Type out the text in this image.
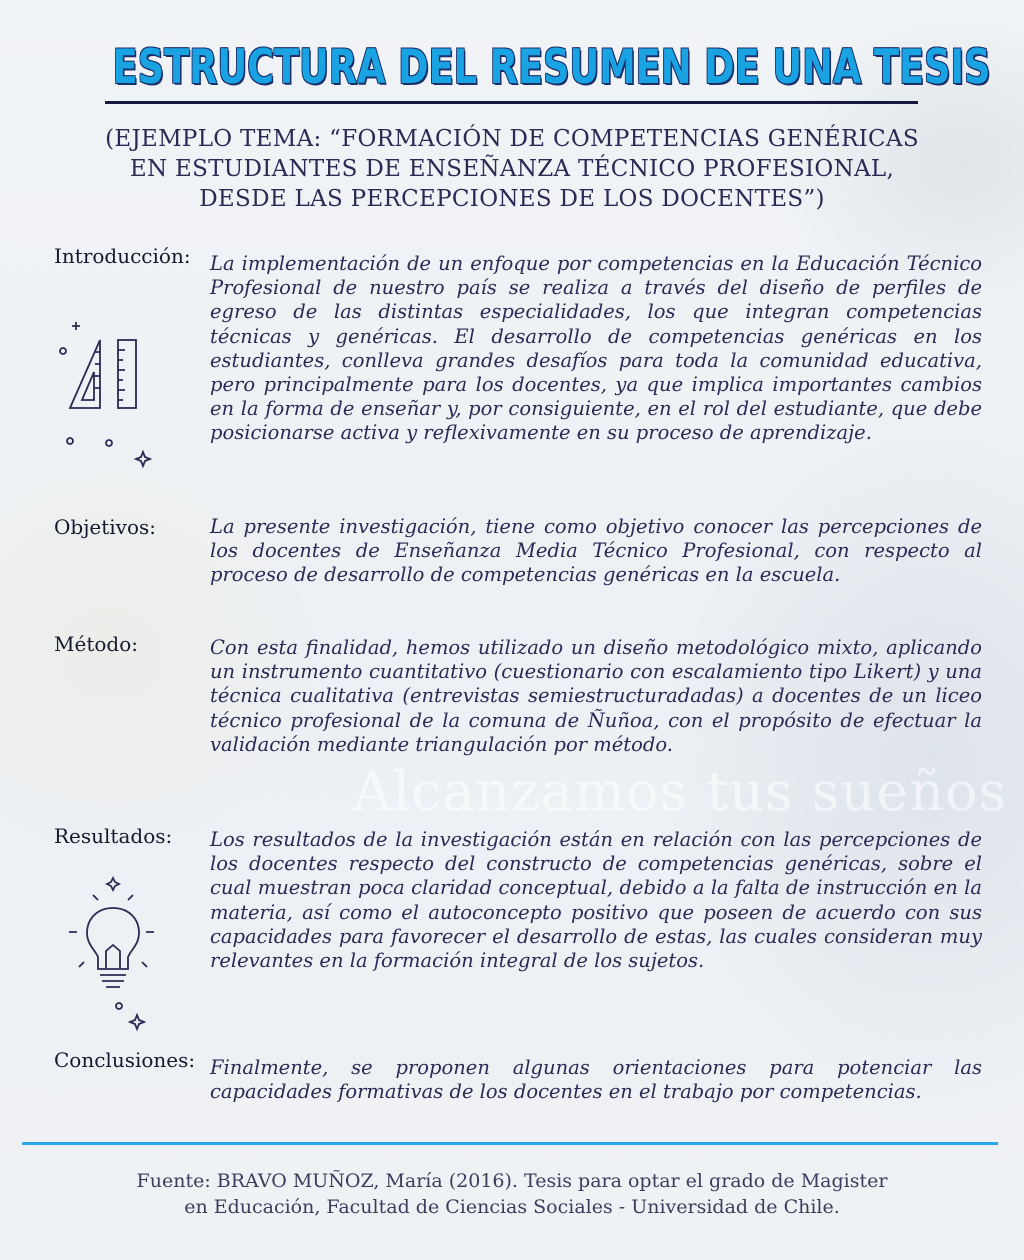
Alcanzamos tus sueños
ESTRUCTURA DEL RESUMEN DE UNA TESIS
(EJEMPLO TEMA: “FORMACIÓN DE COMPETENCIAS GENÉRICAS
EN ESTUDIANTES DE ENSEÑANZA TÉCNICO PROFESIONAL,
DESDE LAS PERCEPCIONES DE LOS DOCENTES”)
Introducción: La implementación de un enfoque por competencias en la Educación Técnico Profesional de nuestro país se realiza a través del diseño de perfiles de egreso de las distintas especialidades, los que integran competencias técnicas y genéricas. El desarrollo de competencias genéricas en los estudiantes, conlleva grandes desafíos para toda la comunidad educativa, pero principalmente para los docentes, ya que implica importantes cambios en la forma de enseñar y, por consiguiente, en el rol del estudiante, que debe posicionarse activa y reflexivamente en su proceso de aprendizaje.
Objetivos:	La presente investigación, tiene como objetivo conocer las percepciones de los docentes de Enseñanza Media Técnico Profesional, con respecto al proceso de desarrollo de competencias genéricas en la escuela.
Método:	Con esta finalidad, hemos utilizado un diseño metodológico mixto, aplicando un instrumento cuantitativo (cuestionario con escalamiento tipo Likert) y una técnica cualitativa (entrevistas semiestructuradadas) a docentes de un liceo técnico profesional de la comuna de Ñuñoa, con el propósito de efectuar la validación mediante triangulación por método.
Resultados: Los resultados de la investigación están en relación con las percepciones de los docentes respecto del constructo de competencias genéricas, sobre el cual muestran poca claridad conceptual, debido a la falta de instrucción en la materia, así como el autoconcepto positivo que poseen de acuerdo con sus capacidades para favorecer el desarrollo de estas, las cuales consideran muy relevantes en la formación integral de los sujetos.
Conclusiones: Finalmente, se proponen algunas orientaciones para potenciar las capacidades formativas de los docentes en el trabajo por competencias.
Fuente: BRAVO MUÑOZ, María (2016). Tesis para optar el grado de Magister
en Educación, Facultad de Ciencias Sociales - Universidad de Chile.
